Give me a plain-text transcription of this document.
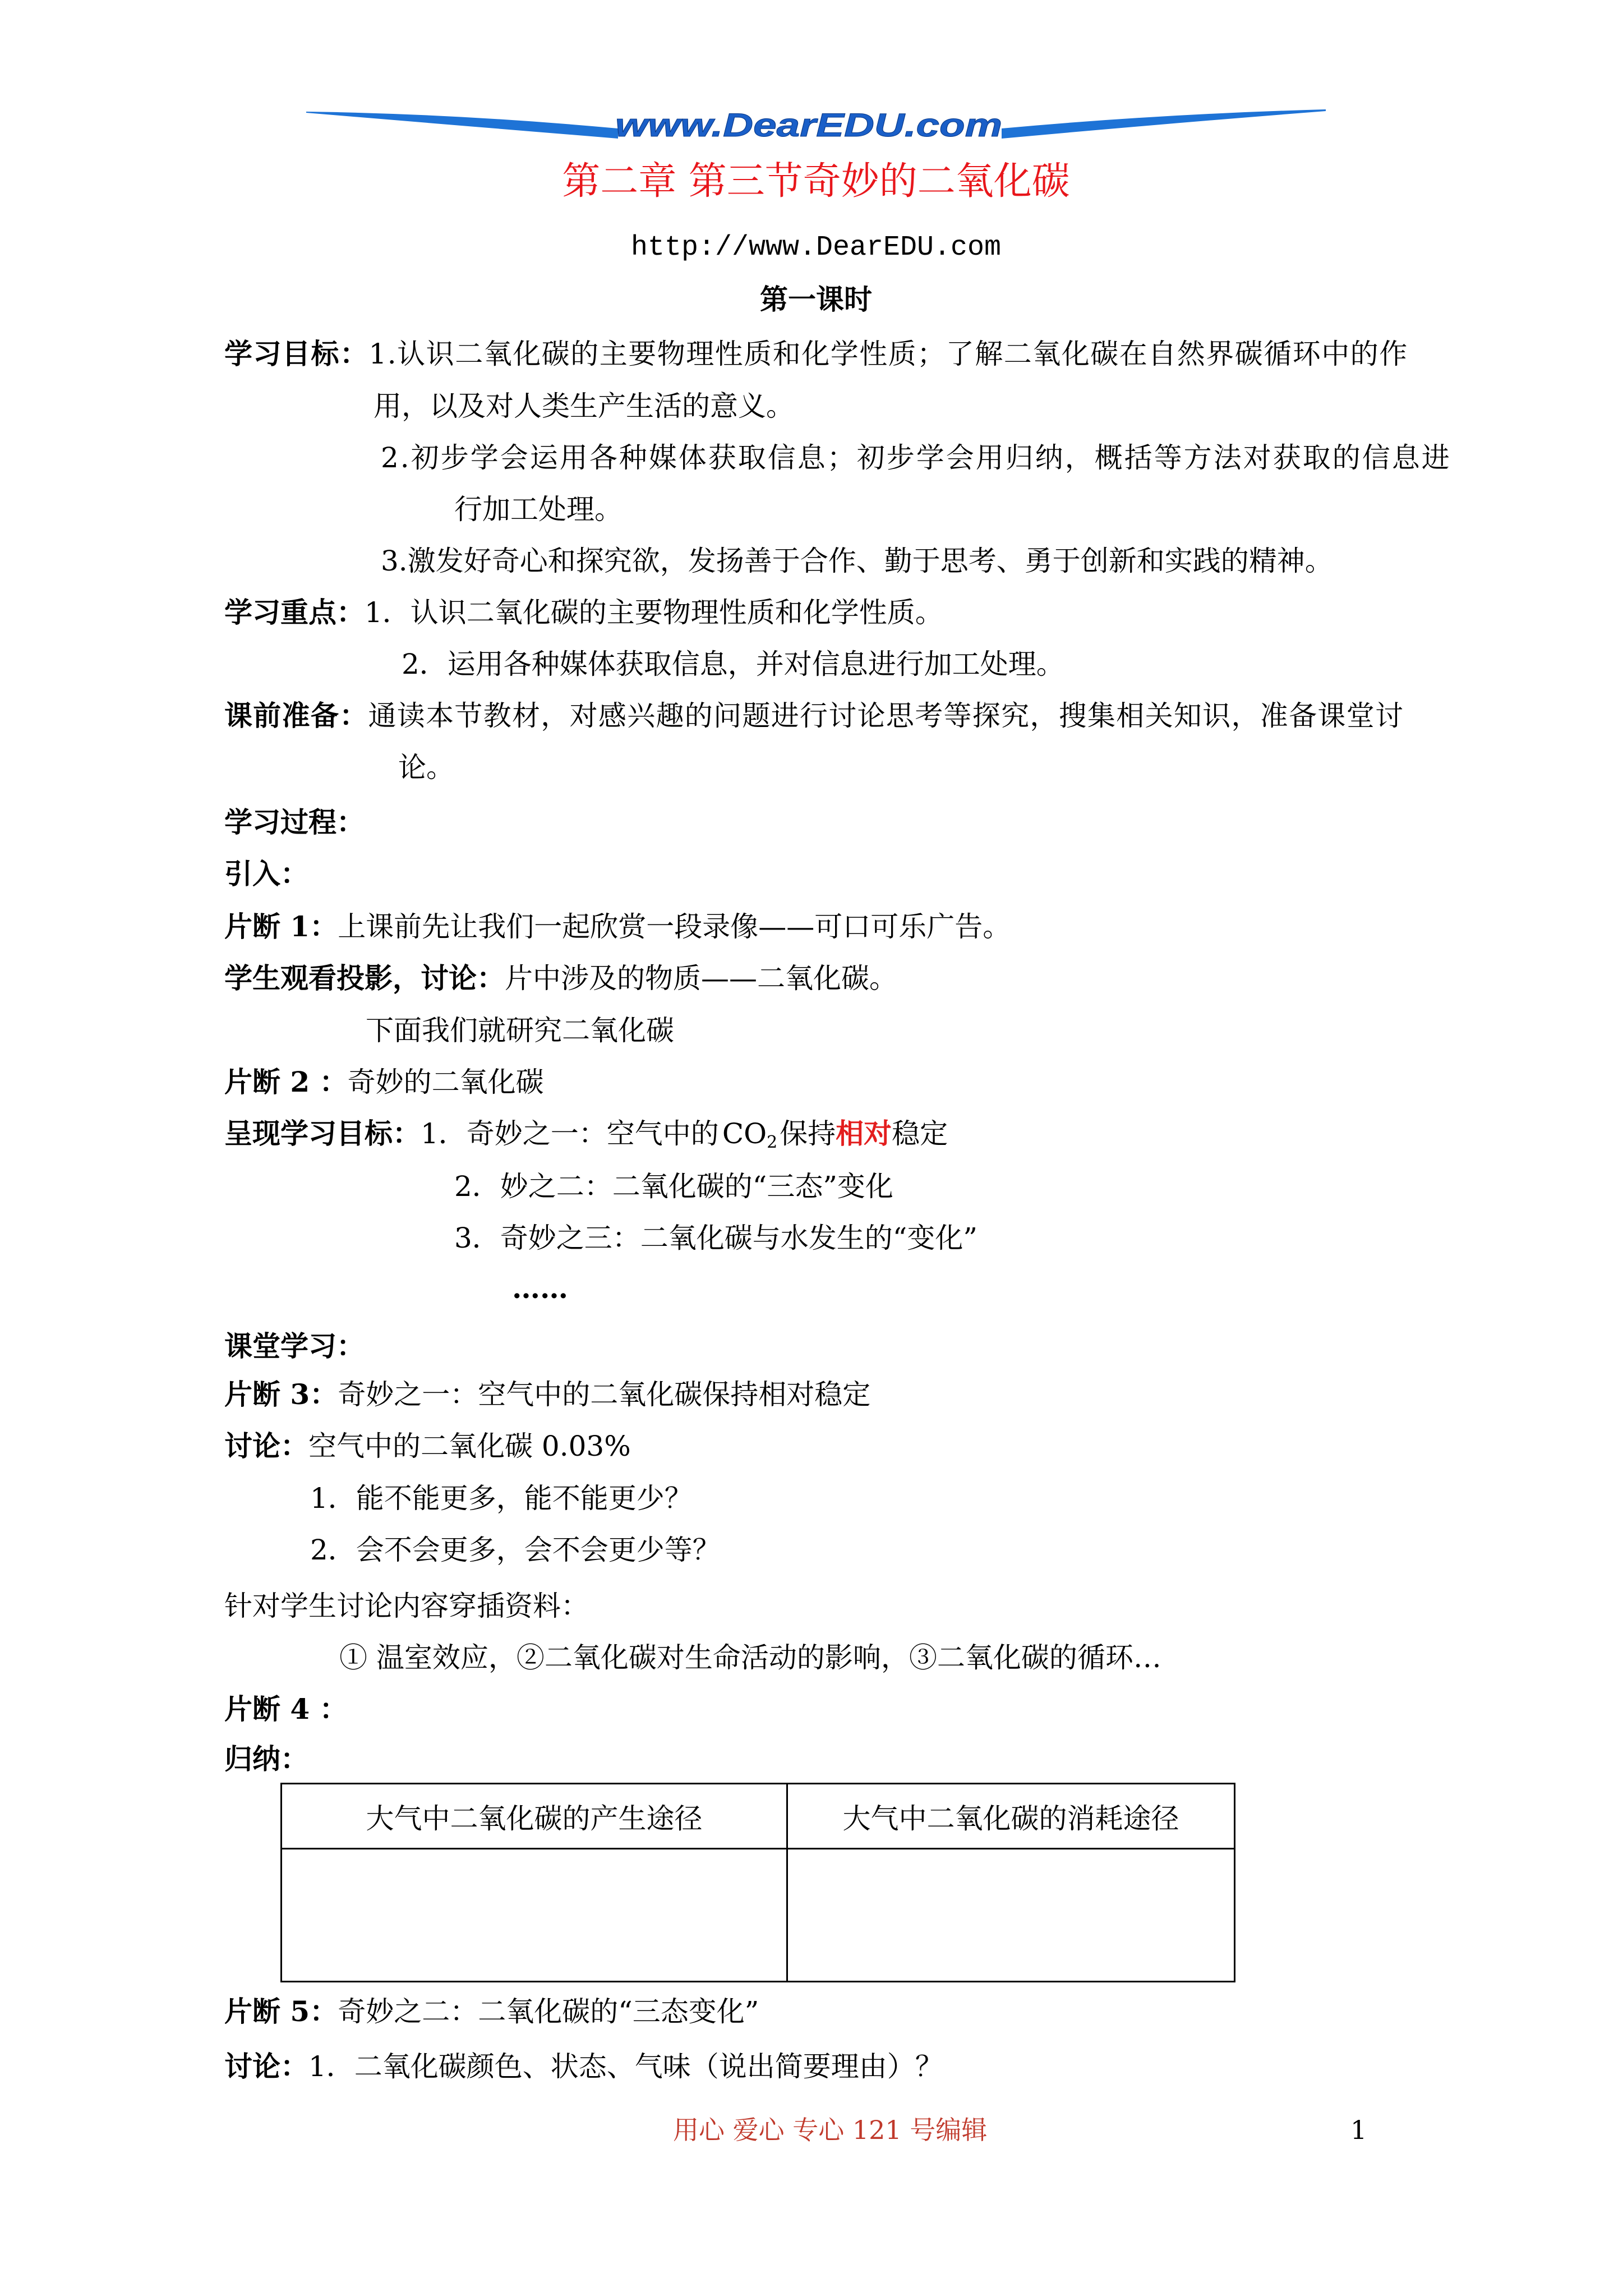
www.DearEDU.com
第二章 第三节奇妙的二氧化碳
http://www.DearEDU.com
第一课时
学习目标：1.认识二氧化碳的主要物理性质和化学性质；了解二氧化碳在自然界碳循环中的作
用，以及对人类生产生活的意义。
2.初步学会运用各种媒体获取信息；初步学会用归纳，概括等方法对获取的信息进
行加工处理。
3.激发好奇心和探究欲，发扬善于合作、勤于思考、勇于创新和实践的精神。
学习重点：1．认识二氧化碳的主要物理性质和化学性质。
2．运用各种媒体获取信息，并对信息进行加工处理。
课前准备：通读本节教材，对感兴趣的问题进行讨论思考等探究，搜集相关知识，准备课堂讨
论。
学习过程：
引入：
片断 1：上课前先让我们一起欣赏一段录像——可口可乐广告。
学生观看投影，讨论：片中涉及的物质——二氧化碳。
下面我们就研究二氧化碳
片断 2 ：奇妙的二氧化碳
呈现学习目标：1．奇妙之一：空气中的 $CO_2$保持相对稳定
2．妙之二：二氧化碳的“三态”变化
3．奇妙之三：二氧化碳与水发生的“变化”
……
课堂学习：
片断 3：奇妙之一：空气中的二氧化碳保持相对稳定
讨论：空气中的二氧化碳 0.03%
1．能不能更多，能不能更少？
2．会不会更多，会不会更少等？
针对学生讨论内容穿插资料：
① 温室效应，②二氧化碳对生命活动的影响，③二氧化碳的循环…
片断 4 ：
归纳：
大气中二氧化碳的产生途径	大气中二氧化碳的消耗途径

片断 5：奇妙之二：二氧化碳的“三态变化”
讨论：1．二氧化碳颜色、状态、气味（说出简要理由）？
用心 爱心 专心 121 号编辑	1
